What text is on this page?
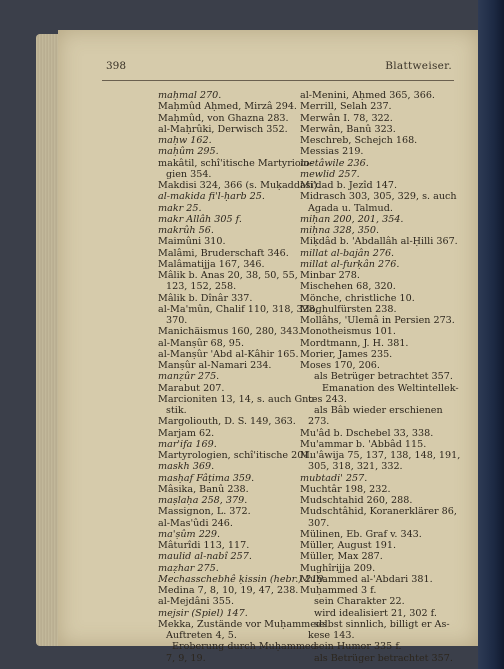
398	Blattweiser.
maḥmal 270.
Maḥmûd Aḥmed, Mirzâ 294.
Maḥmûd, von Ghazna 283.
al-Maḥrûki, Derwisch 352.
maḥw 162.
maḥûm 295.
makâtil, schî'itische Martyriolo-
gien 354.
Makdisi 324, 366 (s. Muḳaddasi).
al-makida fi'l-ḥarb 25.
makr 25.
makr Allâh 305 f.
makrûh 56.
Maimûni 310.
Malâmi, Bruderschaft 346.
Malâmatijja 167, 346.
Mâlik b. Anas 20, 38, 50, 55,
123, 152, 258.
Mâlik b. Dînâr 337.
al-Ma'mûn, Chalif 110, 318, 328,
370.
Manichäismus 160, 280, 343.
al-Manṣûr 68, 95.
al-Manṣûr 'Abd al-Kâhir 165.
Manṣûr al-Namari 234.
manẓûr 275.
Marabut 207.
Marcioniten 13, 14, s. auch Gno-
stik.
Margoliouth, D. S. 149, 363.
Marjam 62.
mar'ifa 169.
Martyrologien, schî'itische 201.
maskh 369.
masḥaf Fâṭima 359.
Mâsika, Banû 238.
maṣlaḥa 258, 379.
Massignon, L. 372.
al-Mas'ûdi 246.
ma'ṣûm 229.
Mâturîdi 113, 117.
maulid al-nabî 257.
maẓhar 275.
Mechasschebhê ḳissin (hebr.) 219.
Medina 7, 8, 10, 19, 47, 238.
al-Mejdâni 355.
mejsir (Spiel) 147.
Mekka, Zustände vor Muḥammeds
Auftreten 4, 5.
Eroberung durch Muḥammed
7, 9, 19.
al-Menini, Aḥmed 365, 366.
Merrill, Selah 237.
Merwân I. 78, 322.
Merwân, Banû 323.
Meschreb, Schejch 168.
Messias 219.
metâwile 236.
mewlid 257.
Mi'dad b. Jezîd 147.
Midrasch 303, 305, 329, s. auch
Agada u. Talmud.
miḥan 200, 201, 354.
miḥna 328, 350.
Miḳdâd b. 'Abdallâh al-Ḥilli 367.
millat al-bajân 276.
millat al-furḳân 276.
Minbar 278.
Mischehen 68, 320.
Mönche, christliche 10.
Moghulfürsten 238.
Mollâhs, 'Ulemâ in Persien 273.
Monotheismus 101.
Mordtmann, J. H. 381.
Morier, James 235.
Moses 170, 206.
als Betrüger betrachtet 357.
Emanation des Weltintellek-
tes 243.
als Bâb wieder erschienen
273.
Mu'âd b. Dschebel 33, 338.
Mu'ammar b. 'Abbâd 115.
Mu'âwija 75, 137, 138, 148, 191,
305, 318, 321, 332.
mubtadi' 257.
Muchtâr 198, 232.
Mudschtahid 260, 288.
Mudschtâhid, Koranerklärer 86,
307.
Mülinen, Eb. Graf v. 343.
Müller, August 191.
Müller, Max 287.
Mughîrijja 209.
Muḥammed al-'Abdari 381.
Muḥammed 3 f.
sein Charakter 22.
wird idealisiert 21, 302 f.
selbst sinnlich, billigt er As-
kese 143.
sein Humor 335 f.
als Betrüger betrachtet 357.
